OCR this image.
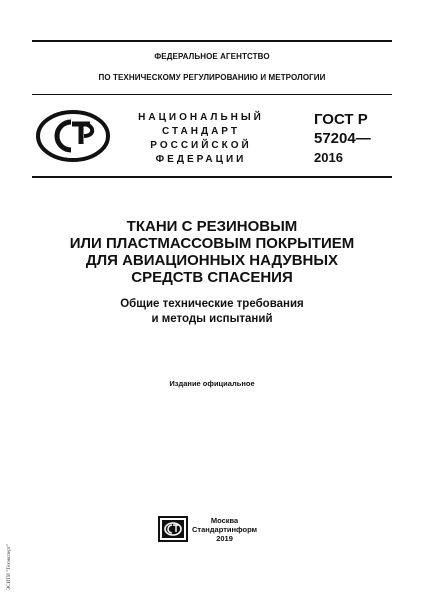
ФЕДЕРАЛЬНОЕ АГЕНТСТВО
ПО ТЕХНИЧЕСКОМУ РЕГУЛИРОВАНИЮ И МЕТРОЛОГИИ
НАЦИОНАЛЬНЫЙ
СТАНДАРТ
РОССИЙСКОЙ
ФЕДЕРАЦИИ
ГОСТ Р
57204—
2016
ТКАНИ С РЕЗИНОВЫМ
ИЛИ ПЛАСТМАССОВЫМ ПОКРЫТИЕМ
ДЛЯ АВИАЦИОННЫХ НАДУВНЫХ
СРЕДСТВ СПАСЕНИЯ
Общие технические требования
и методы испытаний
Издание официальное
Москва
Стандартинформ
2019
ЭСИТИ "Техэксперт"
